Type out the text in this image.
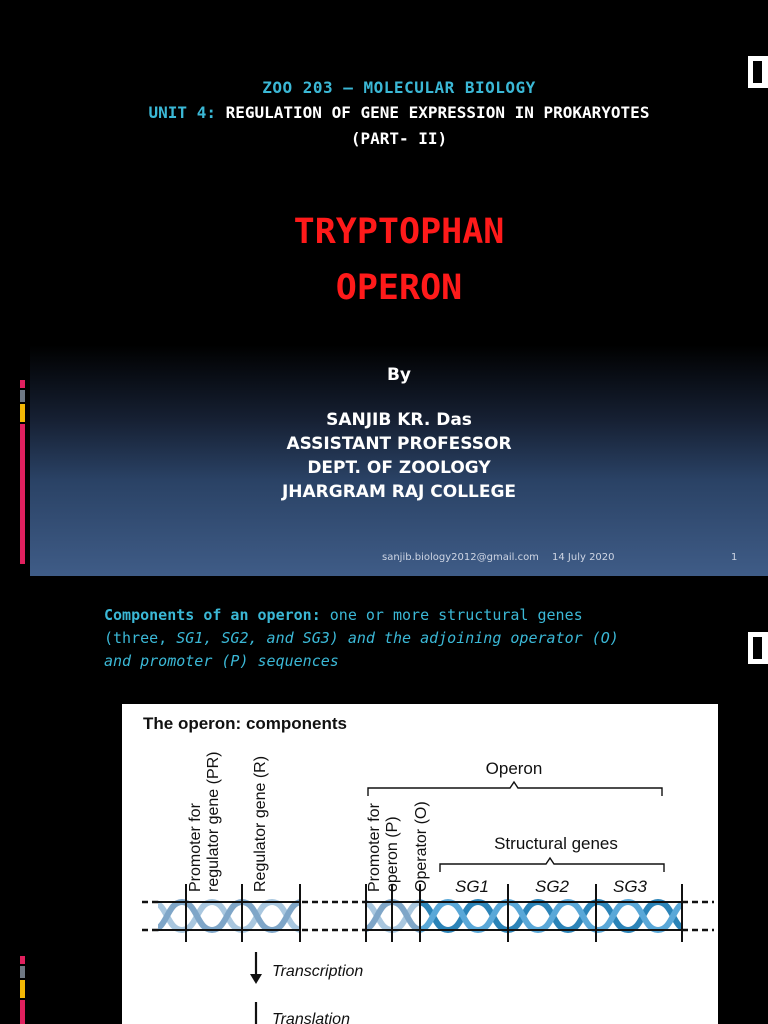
ZOO 203 – MOLECULAR BIOLOGY
UNIT 4: REGULATION OF GENE EXPRESSION IN PROKARYOTES
(PART- II)
TRYPTOPHAN
OPERON
By
SANJIB KR. Das
ASSISTANT PROFESSOR
DEPT. OF ZOOLOGY
JHARGRAM RAJ COLLEGE
sanjib.biology2012@gmail.com 14 July 2020	1
Components of an operon: one or more structural genes
(three, SG1, SG2, and SG3) and the adjoining operator (O)
and promoter (P) sequences
The operon: components
Operon
Structural genes
SG1	SG2	SG3
Promoter for regulator gene (PR) Regulator gene (R)	Promoter for operon (P) Operator (O)
Transcription
Translation
